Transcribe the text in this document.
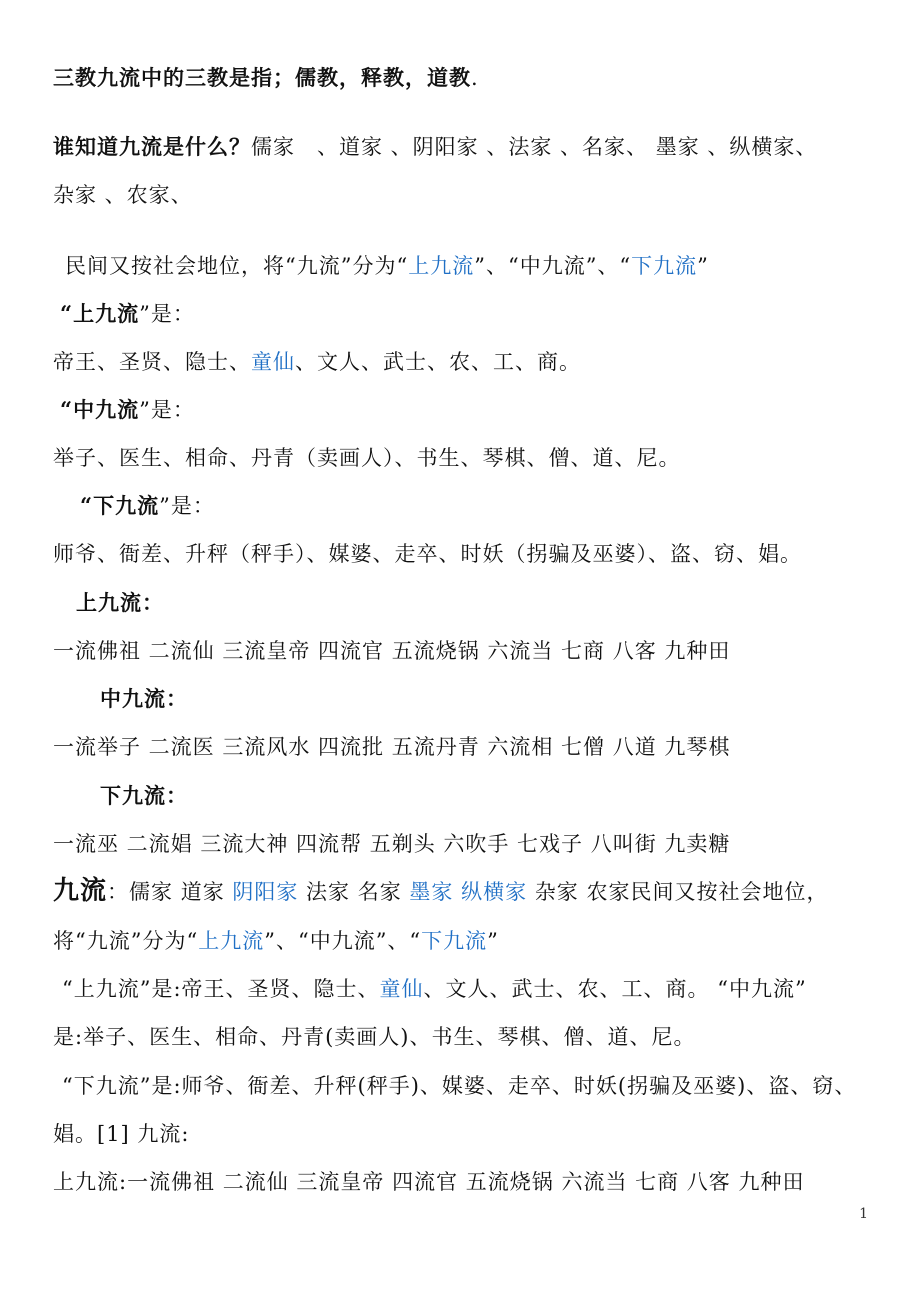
三教九流中的三教是指；儒教，释教，道教.
谁知道九流是什么？儒家　、道家 、阴阳家 、法家 、名家、 墨家 、纵横家、
杂家 、农家、
民间又按社会地位，将“九流”分为“上九流”、“中九流”、“下九流”
“上九流”是：
帝王、圣贤、隐士、童仙、文人、武士、农、工、商。
“中九流”是：
举子、医生、相命、丹青（卖画人）、书生、琴棋、僧、道、尼。
“下九流”是：
师爷、衙差、升秤（秤手）、媒婆、走卒、时妖（拐骗及巫婆）、盗、窃、娼。
上九流：
一流佛祖 二流仙 三流皇帝 四流官 五流烧锅 六流当 七商 八客 九种田
中九流：
一流举子 二流医 三流风水 四流批 五流丹青 六流相 七僧 八道 九琴棋
下九流：
一流巫 二流娼 三流大神 四流帮 五剃头 六吹手 七戏子 八叫街 九卖糖
九流：儒家 道家 阴阳家 法家 名家 墨家 纵横家 杂家 农家民间又按社会地位，
将“九流”分为“上九流”、“中九流”、“下九流”
“上九流”是:帝王、圣贤、隐士、童仙、文人、武士、农、工、商。 “中九流”
是:举子、医生、相命、丹青(卖画人)、书生、琴棋、僧、道、尼。
“下九流”是:师爷、衙差、升秤(秤手)、媒婆、走卒、时妖(拐骗及巫婆)、盗、窃、
娼。[1] 九流:
上九流:一流佛祖 二流仙 三流皇帝 四流官 五流烧锅 六流当 七商 八客 九种田
1
